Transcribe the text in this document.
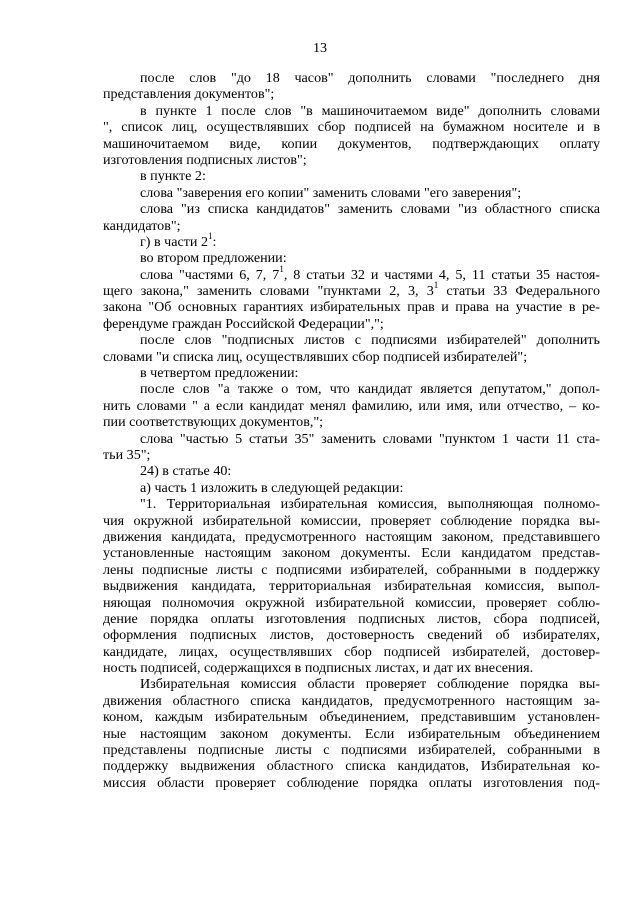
13
после слов "до 18 часов" дополнить словами "последнего дня
представления документов";
в пункте 1 после слов "в машиночитаемом виде" дополнить словами
", список лиц, осуществлявших сбор подписей на бумажном носителе и в
машиночитаемом виде, копии документов, подтверждающих оплату
изготовления подписных листов";
в пункте 2:
слова "заверения его копии" заменить словами "его заверения";
слова "из списка кандидатов" заменить словами "из областного списка
кандидатов";
г) в части $2^1$:
во втором предложении:
слова "частями 6, 7, $7^1$, 8 статьи 32 и частями 4, 5, 11 статьи 35 настоя-
щего закона," заменить словами "пунктами 2, 3, $3^1$ статьи 33 Федерального
закона "Об основных гарантиях избирательных прав и права на участие в ре-
ферендуме граждан Российской Федерации",";
после слов "подписных листов с подписями избирателей" дополнить
словами "и списка лиц, осуществлявших сбор подписей избирателей";
в четвертом предложении:
после слов "а также о том, что кандидат является депутатом," допол-
нить словами " а если кандидат менял фамилию, или имя, или отчество, – ко-
пии соответствующих документов,";
слова "частью 5 статьи 35" заменить словами "пунктом 1 части 11 ста-
тьи 35";
24) в статье 40:
а) часть 1 изложить в следующей редакции:
"1. Территориальная избирательная комиссия, выполняющая полномо-
чия окружной избирательной комиссии, проверяет соблюдение порядка вы-
движения кандидата, предусмотренного настоящим законом, представившего
установленные настоящим законом документы. Если кандидатом представ-
лены подписные листы с подписями избирателей, собранными в поддержку
выдвижения кандидата, территориальная избирательная комиссия, выпол-
няющая полномочия окружной избирательной комиссии, проверяет соблю-
дение порядка оплаты изготовления подписных листов, сбора подписей,
оформления подписных листов, достоверность сведений об избирателях,
кандидате, лицах, осуществлявших сбор подписей избирателей, достовер-
ность подписей, содержащихся в подписных листах, и дат их внесения.
Избирательная комиссия области проверяет соблюдение порядка вы-
движения областного списка кандидатов, предусмотренного настоящим за-
коном, каждым избирательным объединением, представившим установлен-
ные настоящим законом документы. Если избирательным объединением
представлены подписные листы с подписями избирателей, собранными в
поддержку выдвижения областного списка кандидатов, Избирательная ко-
миссия области проверяет соблюдение порядка оплаты изготовления под-
